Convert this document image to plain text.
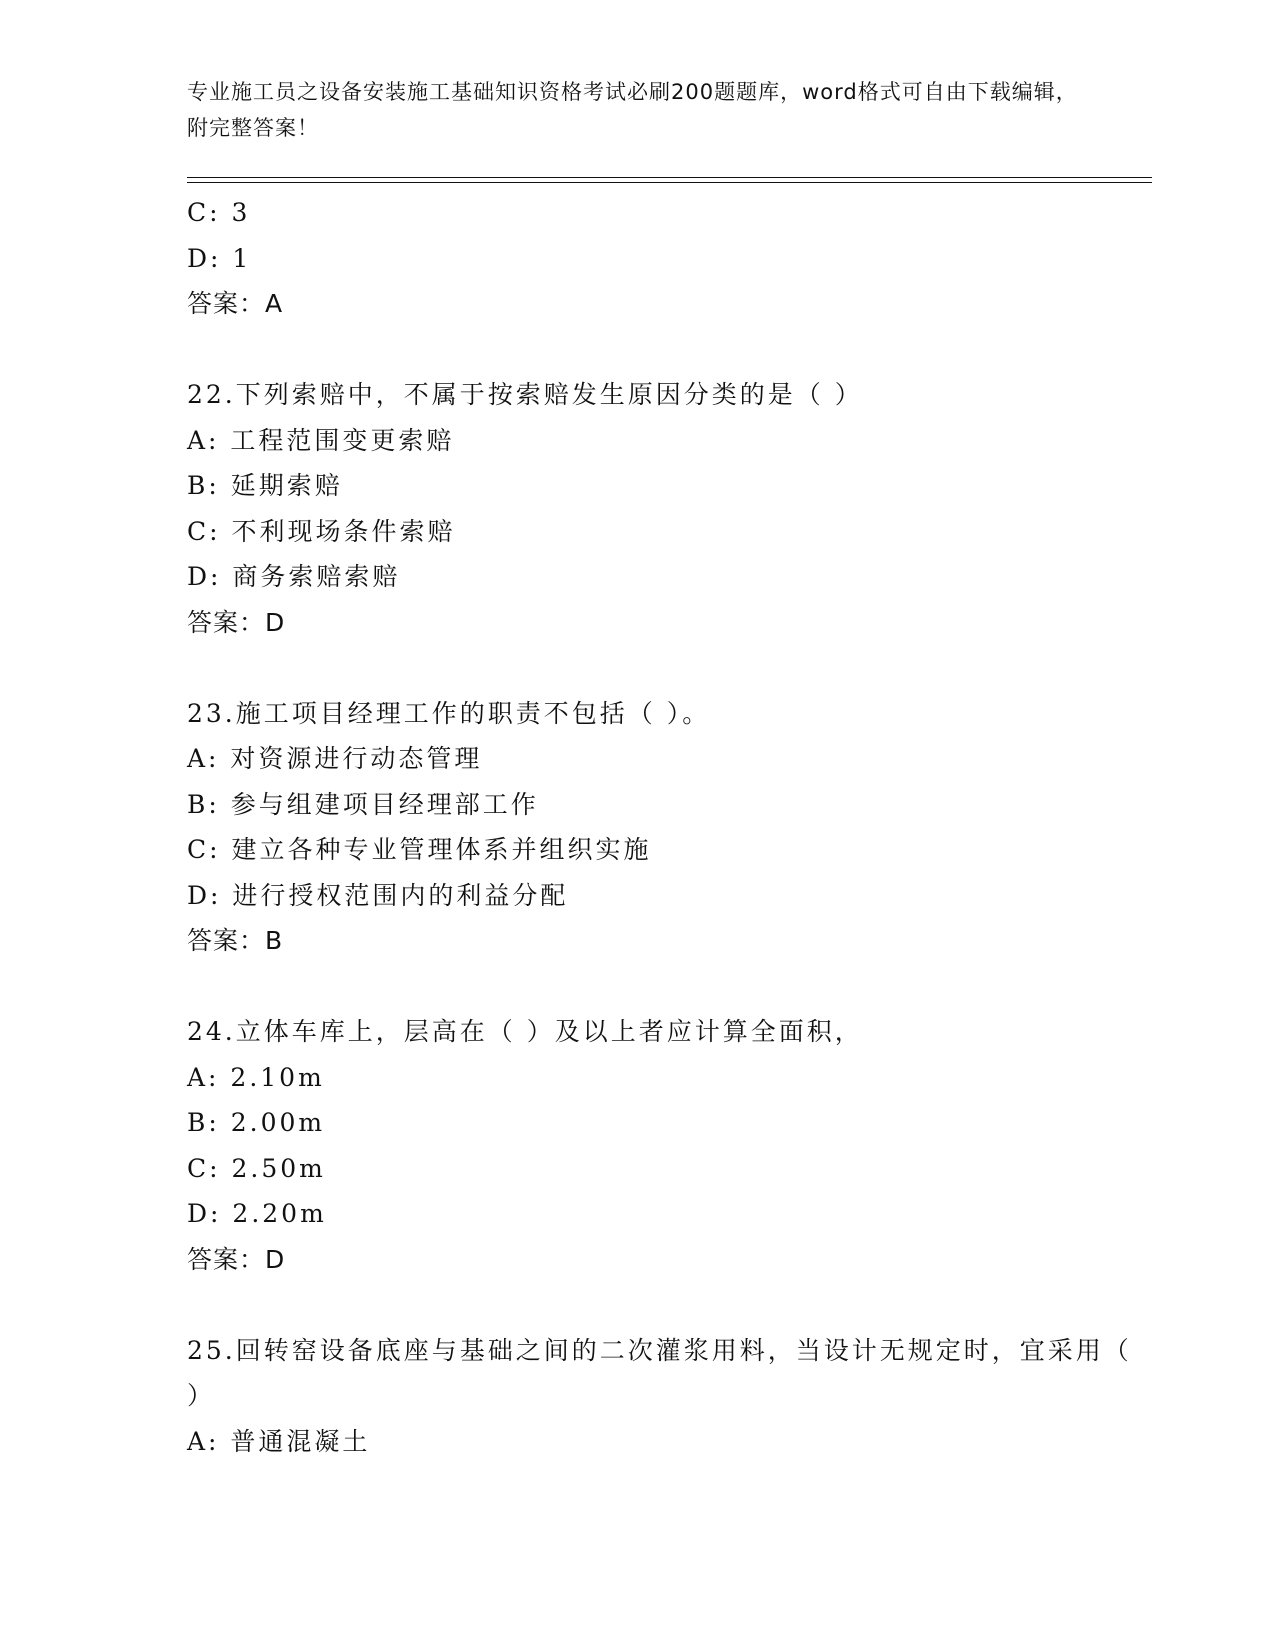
专业施工员之设备安装施工基础知识资格考试必刷200题题库，word格式可自由下载编辑，附完整答案！
C: 3
D: 1
答案：A
22.下列索赔中，不属于按索赔发生原因分类的是（ ）
A: 工程范围变更索赔
B: 延期索赔
C: 不利现场条件索赔
D: 商务索赔索赔
答案：D
23.施工项目经理工作的职责不包括（ ）。
A: 对资源进行动态管理
B: 参与组建项目经理部工作
C: 建立各种专业管理体系并组织实施
D: 进行授权范围内的利益分配
答案：B
24.立体车库上，层高在（ ）及以上者应计算全面积，
A: 2.10m
B: 2.00m
C: 2.50m
D: 2.20m
答案：D
25.回转窑设备底座与基础之间的二次灌浆用料，当设计无规定时，宜采用（ ）
A: 普通混凝土
